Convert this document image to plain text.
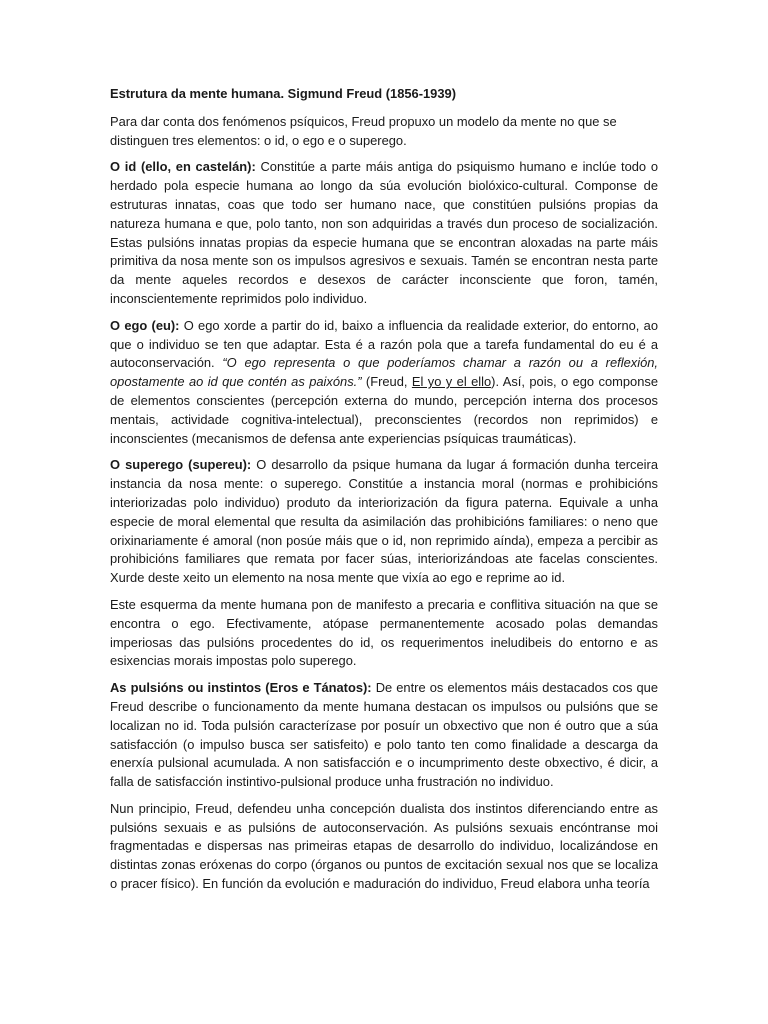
Estrutura da mente humana. Sigmund Freud (1856-1939)

Para dar conta dos fenómenos psíquicos, Freud propuxo un modelo da mente no que se distinguen tres elementos: o id, o ego e o superego.

O id (ello, en castelán): Constitúe a parte máis antiga do psiquismo humano e inclúe todo o herdado pola especie humana ao longo da súa evolución biolóxico-cultural. Componse de estruturas innatas, coas que todo ser humano nace, que constitúen pulsións propias da natureza humana e que, polo tanto, non son adquiridas a través dun proceso de socialización. Estas pulsións innatas propias da especie humana que se encontran aloxadas na parte máis primitiva da nosa mente son os impulsos agresivos e sexuais. Tamén se encontran nesta parte da mente aqueles recordos e desexos de carácter inconsciente que foron, tamén, inconscientemente reprimidos polo individuo.

O ego (eu): O ego xorde a partir do id, baixo a influencia da realidade exterior, do entorno, ao que o individuo se ten que adaptar. Esta é a razón pola que a tarefa fundamental do eu é a autoconservación. “O ego representa o que poderíamos chamar a razón ou a reflexión, opostamente ao id que contén as paixóns.” (Freud, El yo y el ello). Así, pois, o ego componse de elementos conscientes (percepción externa do mundo, percepción interna dos procesos mentais, actividade cognitiva-intelectual), preconscientes (recordos non reprimidos) e inconscientes (mecanismos de defensa ante experiencias psíquicas traumáticas).

O superego (supereu): O desarrollo da psique humana da lugar á formación dunha terceira instancia da nosa mente: o superego. Constitúe a instancia moral (normas e prohibicións interiorizadas polo individuo) produto da interiorización da figura paterna. Equivale a unha especie de moral elemental que resulta da asimilación das prohibicións familiares: o neno que orixinariamente é amoral (non posúe máis que o id, non reprimido aínda), empeza a percibir as prohibicións familiares que remata por facer súas, interiorizándoas ate facelas conscientes. Xurde deste xeito un elemento na nosa mente que vixía ao ego e reprime ao id.

Este esquerma da mente humana pon de manifesto a precaria e conflitiva situación na que se encontra o ego. Efectivamente, atópase permanentemente acosado polas demandas imperiosas das pulsións procedentes do id, os requerimentos ineludibeis do entorno e as esixencias morais impostas polo superego.

As pulsións ou instintos (Eros e Tánatos): De entre os elementos máis destacados cos que Freud describe o funcionamento da mente humana destacan os impulsos ou pulsións que se localizan no id. Toda pulsión caracterízase por posuír un obxectivo que non é outro que a súa satisfacción (o impulso busca ser satisfeito) e polo tanto ten como finalidade a descarga da enerxía pulsional acumulada. A non satisfacción e o incumprimento deste obxectivo, é dicir, a falla de satisfacción instintivo-pulsional produce unha frustración no individuo.

Nun principio, Freud, defendeu unha concepción dualista dos instintos diferenciando entre as pulsións sexuais e as pulsións de autoconservación. As pulsións sexuais encóntranse moi fragmentadas e dispersas nas primeiras etapas de desarrollo do individuo, localizándose en distintas zonas eróxenas do corpo (órganos ou puntos de excitación sexual nos que se localiza o pracer físico). En función da evolución e maduración do individuo, Freud elabora unha teoría
